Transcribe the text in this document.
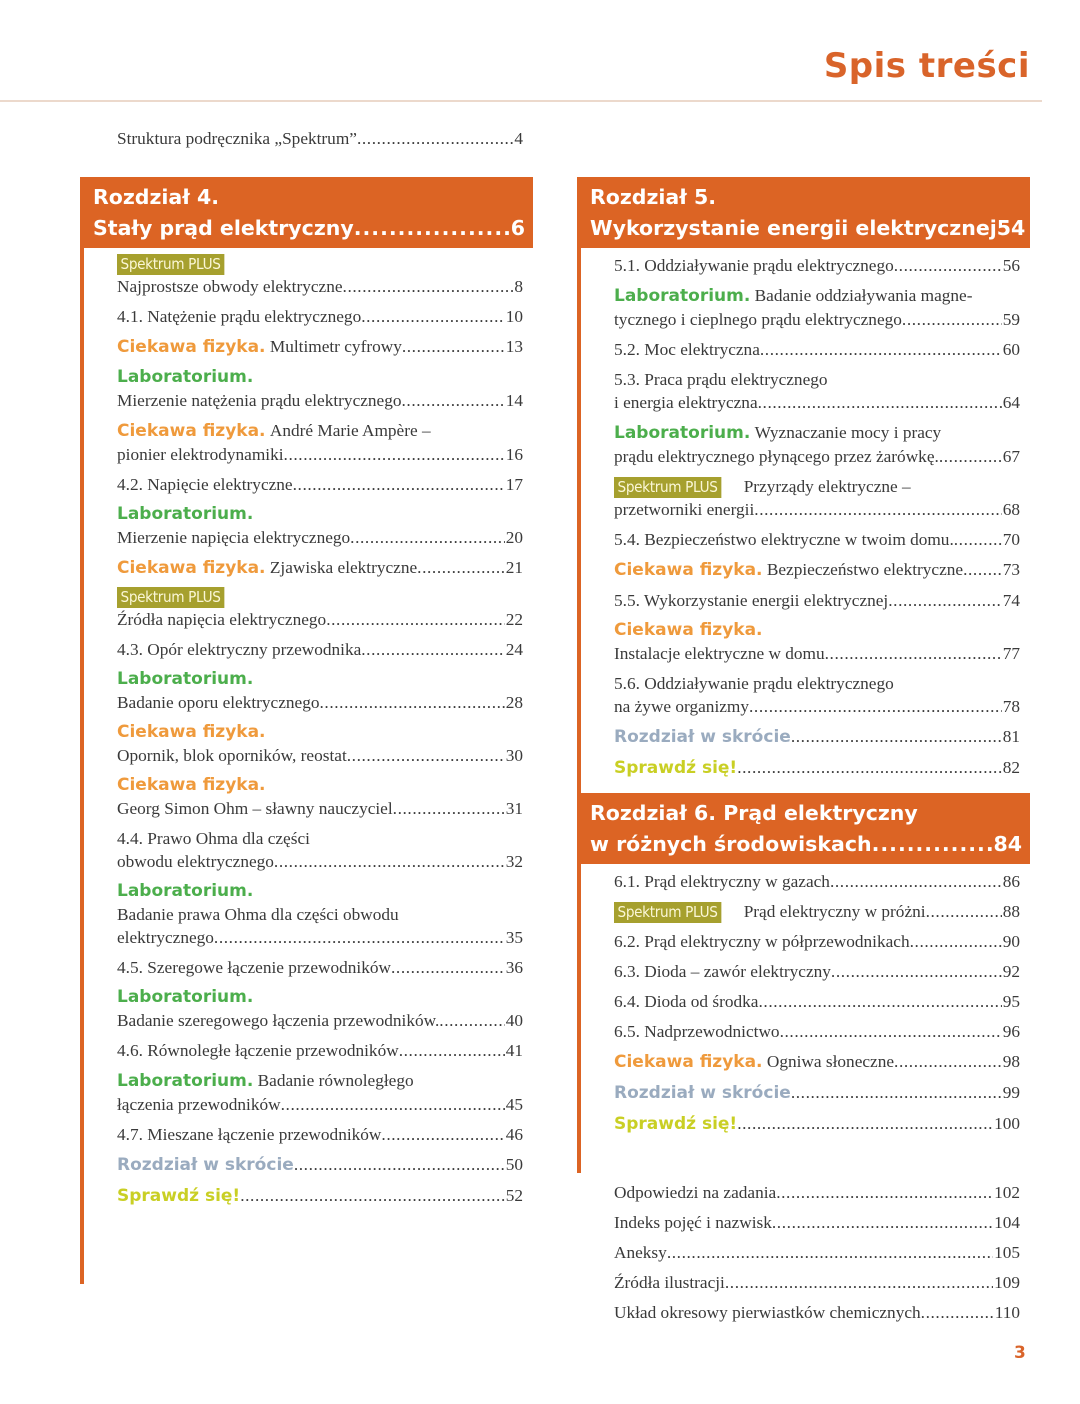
Spis treści
Struktura podręcznika „Spektrum” .....	4
Rozdział 4.
Stały prąd elektryczny .....	6
Spektrum PLUS
Najprostsze obwody elektryczne .....	8
4.1. Natężenie prądu elektrycznego .....	10
Ciekawa fizyka.
Multimetr cyfrowy .....	13
Laboratorium.
Mierzenie natężenia prądu elektrycznego .....	14
Ciekawa fizyka.
André Marie Ampère –
pionier elektrodynamiki .....	16
4.2. Napięcie elektryczne .....	17
Laboratorium.
Mierzenie napięcia elektrycznego .....	20
Ciekawa fizyka.
Zjawiska elektryczne .....	21
Spektrum PLUS
Źródła napięcia elektrycznego .....	22
4.3. Opór elektryczny przewodnika .....	24
Laboratorium.
Badanie oporu elektrycznego .....	28
Ciekawa fizyka.
Opornik, blok oporników, reostat .....	30
Ciekawa fizyka.
Georg Simon Ohm – sławny nauczyciel .....	31
4.4. Prawo Ohma dla części
obwodu elektrycznego .....	32
Laboratorium.
Badanie prawa Ohma dla części obwodu
elektrycznego .....	35
4.5. Szeregowe łączenie przewodników .....	36
Laboratorium.
Badanie szeregowego łączenia przewodników. .....	40
4.6. Równoległe łączenie przewodników .....	41
Laboratorium.
Badanie równoległego
łączenia przewodników .....	45
4.7. Mieszane łączenie przewodników .....	46
Rozdział w skrócie .....	50
Sprawdź się! .....	52
Rozdział 5.
Wykorzystanie energii elektrycznej 54
5.1. Oddziaływanie prądu elektrycznego .....	56
Laboratorium.
Badanie oddziaływania magne-
tycznego i cieplnego prądu elektrycznego .....	59
5.2. Moc elektryczna .....	60
5.3. Praca prądu elektrycznego
i energia elektryczna .....	64
Laboratorium.
Wyznaczanie mocy i pracy
prądu elektrycznego płynącego przez żarówkę. .....	67
Spektrum PLUS Przyrządy elektryczne –
przetworniki energii .....	68
5.4. Bezpieczeństwo elektryczne w twoim domu. .....	70
Ciekawa fizyka.
Bezpieczeństwo elektryczne ..... 73
5.5. Wykorzystanie energii elektrycznej .....	74
Ciekawa fizyka.
Instalacje elektryczne w domu .....	77
5.6. Oddziaływanie prądu elektrycznego
na żywe organizmy .....	78
Rozdział w skrócie .....	81
Sprawdź się! .....	82
Rozdział 6. Prąd elektryczny
w różnych środowiskach .....	84
6.1. Prąd elektryczny w gazach .....	86
Spektrum PLUS Prąd elektryczny w próżni .....	88
6.2. Prąd elektryczny w półprzewodnikach .....	90
6.3. Dioda – zawór elektryczny .....	92
6.4. Dioda od środka .....	95
6.5. Nadprzewodnictwo .....	96
Ciekawa fizyka.
Ogniwa słoneczne .....	98
Rozdział w skrócie .....	99
Sprawdź się! .....	100
Odpowiedzi na zadania .....	102
Indeks pojęć i nazwisk .....	104
Aneksy .....	105
Źródła ilustracji .....	109
Układ okresowy pierwiastków chemicznych .....	110
3
